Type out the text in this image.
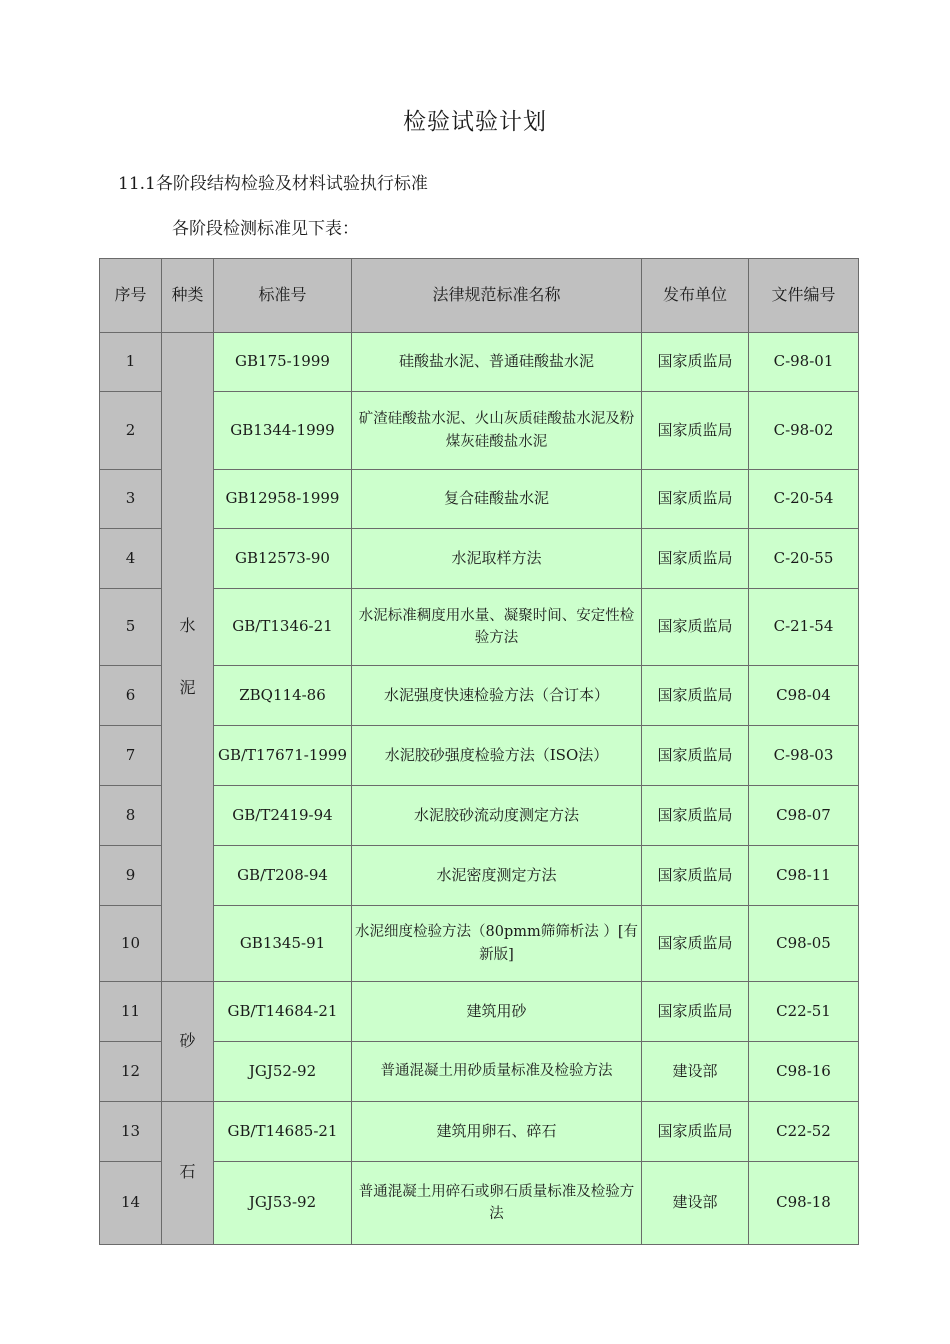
检验试验计划
11.1各阶段结构检验及材料试验执行标准
各阶段检测标准见下表：
序号	种类	标准号	法律规范标准名称	发布单位	文件编号
1	水泥	GB175-1999	硅酸盐水泥、普通硅酸盐水泥	国家质监局	C-98-01
2		GB1344-1999	矿渣硅酸盐水泥、火山灰质硅酸盐水泥及粉煤灰硅酸盐水泥	国家质监局	C-98-02
3		GB12958-1999	复合硅酸盐水泥	国家质监局	C-20-54
4		GB12573-90	水泥取样方法	国家质监局	C-20-55
5		GB/T1346-21	水泥标准稠度用水量、凝聚时间、安定性检验方法	国家质监局	C-21-54
6		ZBQ114-86	水泥强度快速检验方法（合订本）	国家质监局	C98-04
7		GB/T17671-1999	水泥胶砂强度检验方法（ISO法）	国家质监局	C-98-03
8		GB/T2419-94	水泥胶砂流动度测定方法	国家质监局	C98-07
9		GB/T208-94	水泥密度测定方法	国家质监局	C98-11
10		GB1345-91	水泥细度检验方法（80pmm筛筛析法 ）[有新版]	国家质监局	C98-05
11	砂	GB/T14684-21	建筑用砂	国家质监局	C22-51
12		JGJ52-92	普通混凝土用砂质量标准及检验方法	建设部	C98-16
13	石	GB/T14685-21	建筑用卵石、碎石	国家质监局	C22-52
14		JGJ53-92	普通混凝土用碎石或卵石质量标准及检验方法	建设部	C98-18
